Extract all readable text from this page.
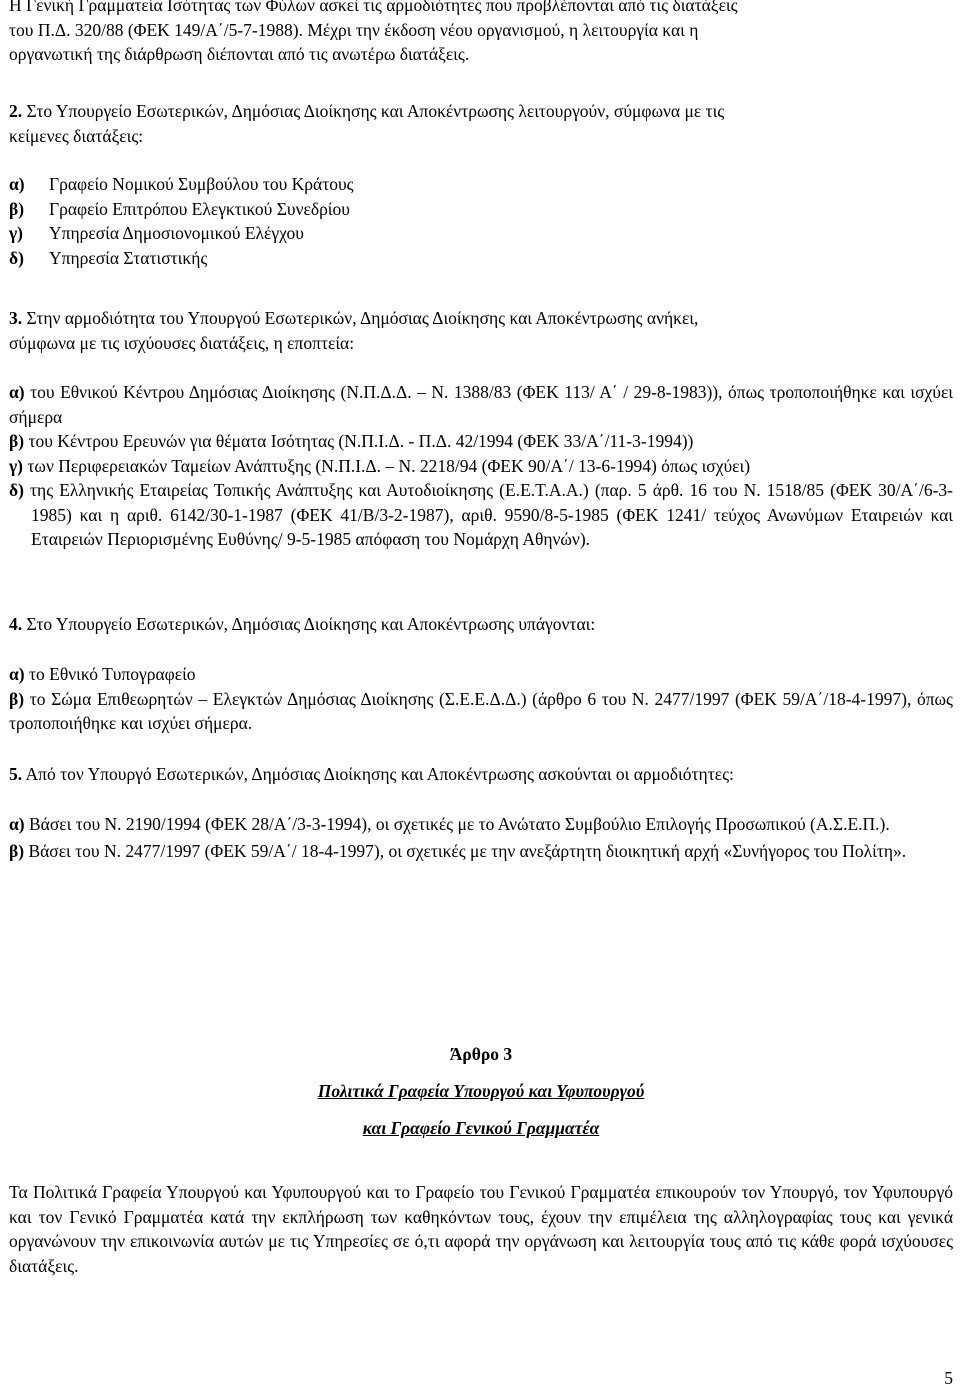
Η Γενική Γραμματεία Ισότητας των Φύλων ασκεί τις αρμοδιότητες που προβλέπονται από τις διατάξεις

του Π.Δ. 320/88 (ΦΕΚ 149/Α΄/5-7-1988). Μέχρι την έκδοση νέου οργανισμού, η λειτουργία και η

οργανωτική της διάρθρωση διέπονται από τις ανωτέρω διατάξεις.

2. Στο Υπουργείο Εσωτερικών, Δημόσιας Διοίκησης και Αποκέντρωσης λειτουργούν, σύμφωνα με τις

κείμενες διατάξεις:

α)	Γραφείο Νομικού Συμβούλου του Κράτους
β)	Γραφείο Επιτρόπου Ελεγκτικού Συνεδρίου
γ)	Υπηρεσία Δημοσιονομικού Ελέγχου
δ)	Υπηρεσία Στατιστικής

3. Στην αρμοδιότητα του Υπουργού Εσωτερικών, Δημόσιας Διοίκησης και Αποκέντρωσης ανήκει,

σύμφωνα με τις ισχύουσες διατάξεις, η εποπτεία:

α) του Εθνικού Κέντρου Δημόσιας Διοίκησης (Ν.Π.Δ.Δ. – Ν. 1388/83 (ΦΕΚ 113/ Α΄ / 29-8-1983)), όπως τροποποιήθηκε και ισχύει σήμερα

β) του Κέντρου Ερευνών για θέματα Ισότητας (Ν.Π.Ι.Δ. - Π.Δ. 42/1994 (ΦΕΚ 33/Α΄/11-3-1994))

γ) των Περιφερειακών Ταμείων Ανάπτυξης (Ν.Π.Ι.Δ. – Ν. 2218/94 (ΦΕΚ 90/Α΄/ 13-6-1994) όπως ισχύει)

δ) της Ελληνικής Εταιρείας Τοπικής Ανάπτυξης και Αυτοδιοίκησης (Ε.Ε.Τ.Α.Α.) (παρ. 5 άρθ. 16 του Ν. 1518/85 (ΦΕΚ 30/Α΄/6-3-1985) και η αριθ. 6142/30-1-1987 (ΦΕΚ 41/Β/3-2-1987), αριθ. 9590/8-5-1985 (ΦΕΚ 1241/ τεύχος Ανωνύμων Εταιρειών και Εταιρειών Περιορισμένης Ευθύνης/ 9-5-1985 απόφαση του Νομάρχη Αθηνών).

4. Στο Υπουργείο Εσωτερικών, Δημόσιας Διοίκησης και Αποκέντρωσης υπάγονται:

α) το Εθνικό Τυπογραφείο

β) το Σώμα Επιθεωρητών – Ελεγκτών Δημόσιας Διοίκησης (Σ.Ε.Ε.Δ.Δ.) (άρθρο 6 του Ν. 2477/1997 (ΦΕΚ 59/Α΄/18-4-1997), όπως τροποποιήθηκε και ισχύει σήμερα.

5. Από τον Υπουργό Εσωτερικών, Δημόσιας Διοίκησης και Αποκέντρωσης ασκούνται οι αρμοδιότητες:

α) Βάσει του Ν. 2190/1994 (ΦΕΚ 28/Α΄/3-3-1994), οι σχετικές με το Ανώτατο Συμβούλιο Επιλογής Προσωπικού (Α.Σ.Ε.Π.).

β) Βάσει του Ν. 2477/1997 (ΦΕΚ 59/Α΄/ 18-4-1997), οι σχετικές με την ανεξάρτητη διοικητική αρχή «Συνήγορος του Πολίτη».

Άρθρο 3

Πολιτικά Γραφεία Υπουργού και Υφυπουργού

και Γραφείο Γενικού Γραμματέα

Τα Πολιτικά Γραφεία Υπουργού και Υφυπουργού και το Γραφείο του Γενικού Γραμματέα επικουρούν τον Υπουργό, τον Υφυπουργό και τον Γενικό Γραμματέα κατά την εκπλήρωση των καθηκόντων τους, έχουν την επιμέλεια της αλληλογραφίας τους και γενικά οργανώνουν την επικοινωνία αυτών με τις Υπηρεσίες σε ό,τι αφορά την οργάνωση και λειτουργία τους από τις κάθε φορά ισχύουσες διατάξεις.

5
